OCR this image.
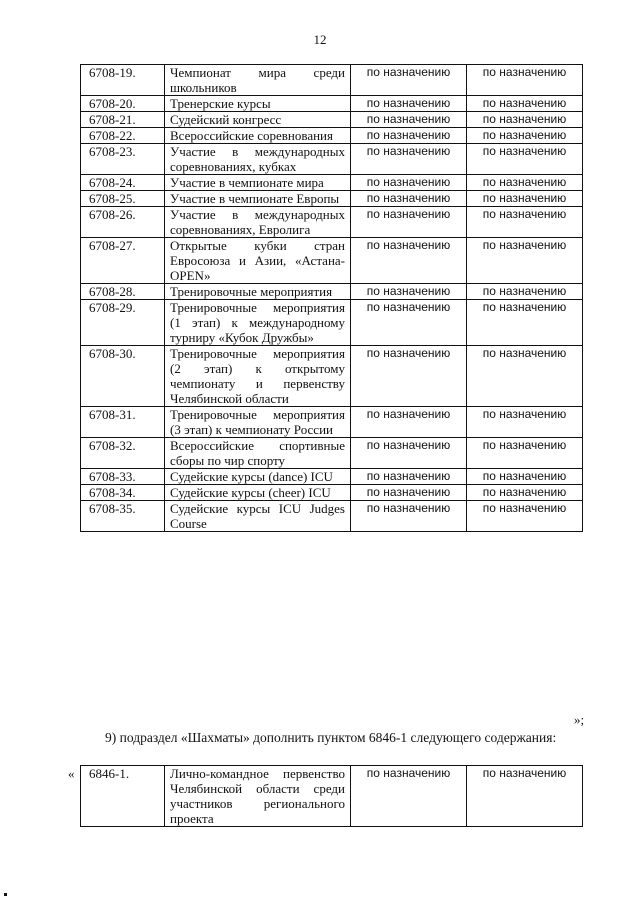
12
6708-19.	Чемпионат мира среди школьников	по назначению	по назначению
6708-20.	Тренерские курсы	по назначению	по назначению
6708-21.	Судейский конгресс	по назначению	по назначению
6708-22.	Всероссийские соревнования	по назначению	по назначению
6708-23.	Участие в международных соревнованиях, кубках	по назначению	по назначению
6708-24.	Участие в чемпионате мира	по назначению	по назначению
6708-25.	Участие в чемпионате Европы	по назначению	по назначению
6708-26.	Участие в международных соревнованиях, Евролига	по назначению	по назначению
6708-27.	Открытые кубки стран Евросоюза и Азии, «Астана-OPEN»	по назначению	по назначению
6708-28.	Тренировочные мероприятия	по назначению	по назначению
6708-29.	Тренировочные мероприятия (1 этап) к международному турниру «Кубок Дружбы»	по назначению	по назначению
6708-30.	Тренировочные мероприятия (2 этап) к открытому чемпионату и первенству Челябинской области	по назначению	по назначению
6708-31.	Тренировочные мероприятия (3 этап) к чемпионату России	по назначению	по назначению
6708-32.	Всероссийские спортивные сборы по чир спорту	по назначению	по назначению
6708-33.	Судейские курсы (dance) ICU	по назначению	по назначению
6708-34.	Судейские курсы (cheer) ICU	по назначению	по назначению
6708-35.	Судейские курсы ICU Judges Course	по назначению	по назначению
»;
9) подраздел «Шахматы» дополнить пунктом 6846-1 следующего содержания:
« 6846-1.	Лично-командное первенство Челябинской области среди участников регионального проекта	по назначению	по назначению
